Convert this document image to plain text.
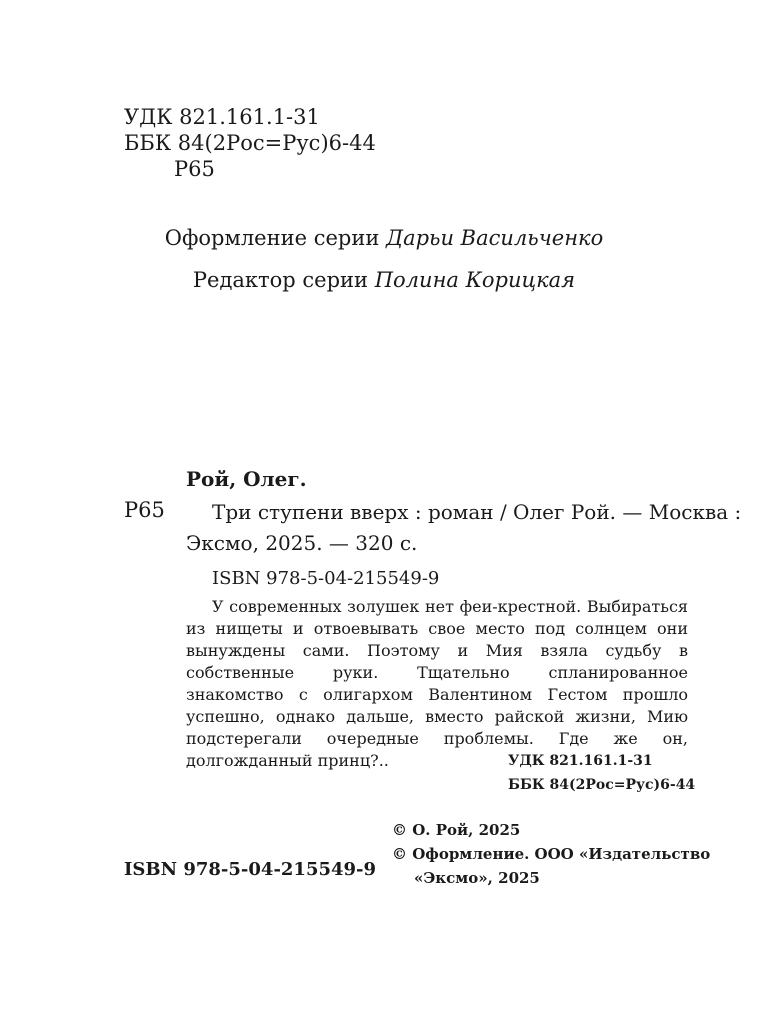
УДК 821.161.1-31
ББК 84(2Рос=Рус)6-44
Р65
Оформление серии Дарьи Васильченко
Редактор серии Полина Корицкая
Рой, Олег.
Р65 Три ступени вверх : роман / Олег Рой. — Москва :
Эксмо, 2025. — 320 с.
ISBN 978-5-04-215549-9

У современных золушек нет феи-крестной. Выбираться из нищеты и отвоевывать свое место под солнцем они вынуждены сами. Поэтому и Мия взяла судьбу в собственные руки. Тщательно спланированное знакомство с олигархом Валентином Гестом прошло успешно, однако дальше, вместо райской жизни, Мию подстерегали очередные проблемы. Где же он, долгожданный принц?..	УДК 821.161.1-31
ББК 84(2Рос=Рус)6-44
© О. Рой, 2025
© Оформление. ООО «Издательство
«Эксмо», 2025
ISBN 978-5-04-215549-9
